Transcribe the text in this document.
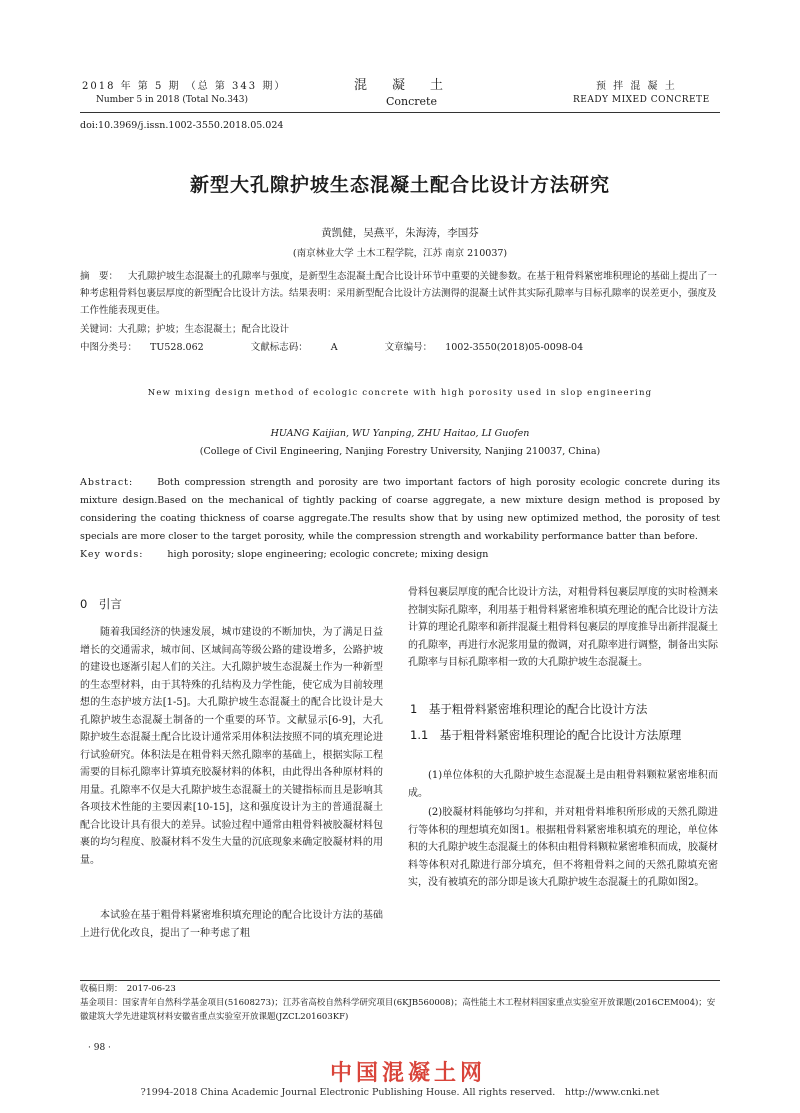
2018 年 第 5 期 （总 第 343 期）
Number 5 in 2018 (Total No.343)
混　凝　土
Concrete
预 拌 混 凝 土
READY MIXED CONCRETE
doi:10.3969/j.issn.1002-3550.2018.05.024
新型大孔隙护坡生态混凝土配合比设计方法研究
黄凯健，吴燕平，朱海涛，李国芬
(南京林业大学 土木工程学院，江苏 南京 210037)
摘　要： 大孔隙护坡生态混凝土的孔隙率与强度，是新型生态混凝土配合比设计环节中重要的关键参数。在基于粗骨料紧密堆积理论的基础上提出了一种考虑粗骨料包裹层厚度的新型配合比设计方法。结果表明：采用新型配合比设计方法测得的混凝土试件其实际孔隙率与目标孔隙率的误差更小，强度及工作性能表现更佳。
关键词：大孔隙；护坡；生态混凝土；配合比设计
中图分类号： TU528.062	文献标志码： A	文章编号： 1002-3550(2018)05-0098-04
New mixing design method of ecologic concrete with high porosity used in slop engineering
HUANG Kaijian, WU Yanping, ZHU Haitao, LI Guofen
(College of Civil Engineering, Nanjing Forestry University, Nanjing 210037, China)
Abstract:	Both compression strength and porosity are two important factors of high porosity ecologic concrete during its mixture design.Based on the mechanical of tightly packing of coarse aggregate, a new mixture design method is proposed by considering the coating thickness of coarse aggregate.The results show that by using new optimized method, the porosity of test specials are more closer to the target porosity, while the compression strength and workability performance batter than before.
Key words:	high porosity; slope engineering; ecologic concrete; mixing design
0　引言
随着我国经济的快速发展，城市建设的不断加快，为了满足日益增长的交通需求，城市间、区域间高等级公路的建设增多，公路护坡的建设也逐渐引起人们的关注。大孔隙护坡生态混凝土作为一种新型的生态型材料，由于其特殊的孔结构及力学性能，使它成为目前较理想的生态护坡方法[1-5]。大孔隙护坡生态混凝土的配合比设计是大孔隙护坡生态混凝土制备的一个重要的环节。文献显示[6-9]，大孔隙护坡生态混凝土配合比设计通常采用体积法按照不同的填充理论进行试验研究。体积法是在粗骨料天然孔隙率的基础上，根据实际工程需要的目标孔隙率计算填充胶凝材料的体积，由此得出各种原材料的用量。孔隙率不仅是大孔隙护坡生态混凝土的关键指标而且是影响其各项技术性能的主要因素[10-15]，这和强度设计为主的普通混凝土配合比设计具有很大的差异。试验过程中通常由粗骨料被胶凝材料包裹的均匀程度、胶凝材料不发生大量的沉底现象来确定胶凝材料的用量。
本试验在基于粗骨料紧密堆积填充理论的配合比设计方法的基础上进行优化改良，提出了一种考虑了粗
骨料包裹层厚度的配合比设计方法，对粗骨料包裹层厚度的实时检测来控制实际孔隙率，利用基于粗骨料紧密堆积填充理论的配合比设计方法计算的理论孔隙率和新拌混凝土粗骨料包裹层的厚度推导出新拌混凝土的孔隙率，再进行水泥浆用量的微调，对孔隙率进行调整，制备出实际孔隙率与目标孔隙率相一致的大孔隙护坡生态混凝土。
1　基于粗骨料紧密堆积理论的配合比设计方法
1.1　基于粗骨料紧密堆积理论的配合比设计方法原理
(1)单位体积的大孔隙护坡生态混凝土是由粗骨料颗粒紧密堆积而成。
(2)胶凝材料能够均匀拌和，并对粗骨料堆积所形成的天然孔隙进行等体积的理想填充如图1。根据粗骨料紧密堆积填充的理论，单位体积的大孔隙护坡生态混凝土的体积由粗骨料颗粒紧密堆积而成，胶凝材料等体积对孔隙进行部分填充，但不将粗骨料之间的天然孔隙填充密实，没有被填充的部分即是该大孔隙护坡生态混凝土的孔隙如图2。
收稿日期：　2017-06-23
基金项目：国家青年自然科学基金项目(51608273)；江苏省高校自然科学研究项目(6KJB560008)；高性能土木工程材料国家重点实验室开放课题(2016CEM004)；安徽建筑大学先进建筑材料安徽省重点实验室开放课题(JZCL201603KF)
· 98 ·
中国混凝土网
?1994-2018 China Academic Journal Electronic Publishing House. All rights reserved.　http://www.cnki.net
